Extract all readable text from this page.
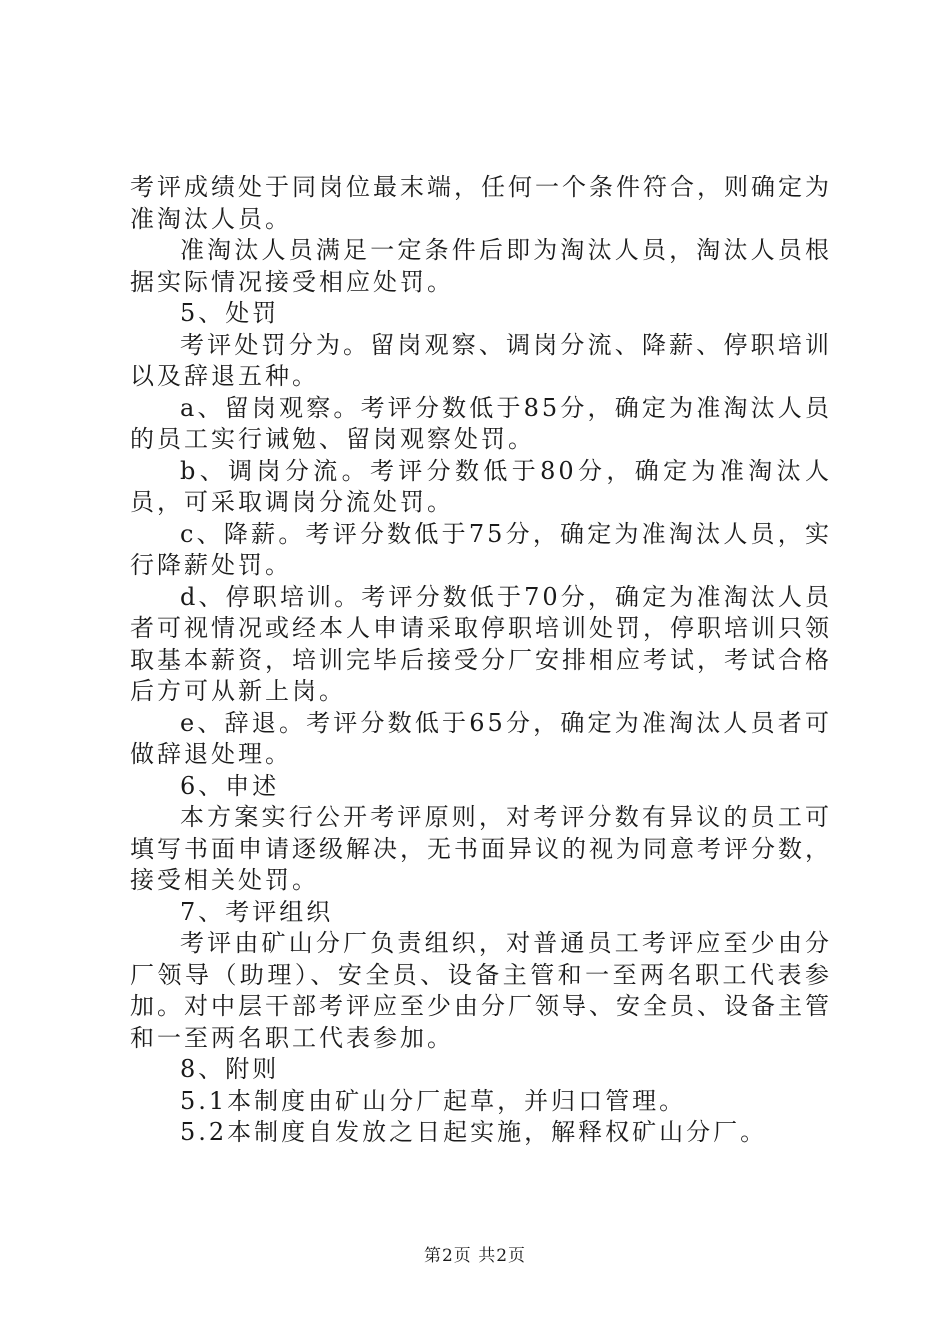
考评成绩处于同岗位最末端，任何一个条件符合，则确定为准淘汰人员。

准淘汰人员满足一定条件后即为淘汰人员，淘汰人员根据实际情况接受相应处罚。

5、处罚

考评处罚分为。留岗观察、调岗分流、降薪、停职培训以及辞退五种。

a、留岗观察。考评分数低于85分，确定为准淘汰人员的员工实行诫勉、留岗观察处罚。

b、调岗分流。考评分数低于80分，确定为准淘汰人员，可采取调岗分流处罚。

c、降薪。考评分数低于75分，确定为准淘汰人员，实行降薪处罚。

d、停职培训。考评分数低于70分，确定为准淘汰人员者可视情况或经本人申请采取停职培训处罚，停职培训只领取基本薪资，培训完毕后接受分厂安排相应考试，考试合格后方可从新上岗。

e、辞退。考评分数低于65分，确定为准淘汰人员者可做辞退处理。

6、申述

本方案实行公开考评原则，对考评分数有异议的员工可填写书面申请逐级解决，无书面异议的视为同意考评分数，接受相关处罚。

7、考评组织

考评由矿山分厂负责组织，对普通员工考评应至少由分厂领导（助理）、安全员、设备主管和一至两名职工代表参加。对中层干部考评应至少由分厂领导、安全员、设备主管和一至两名职工代表参加。

8、附则

5.1本制度由矿山分厂起草，并归口管理。

5.2本制度自发放之日起实施，解释权矿山分厂。

第2页 共2页
